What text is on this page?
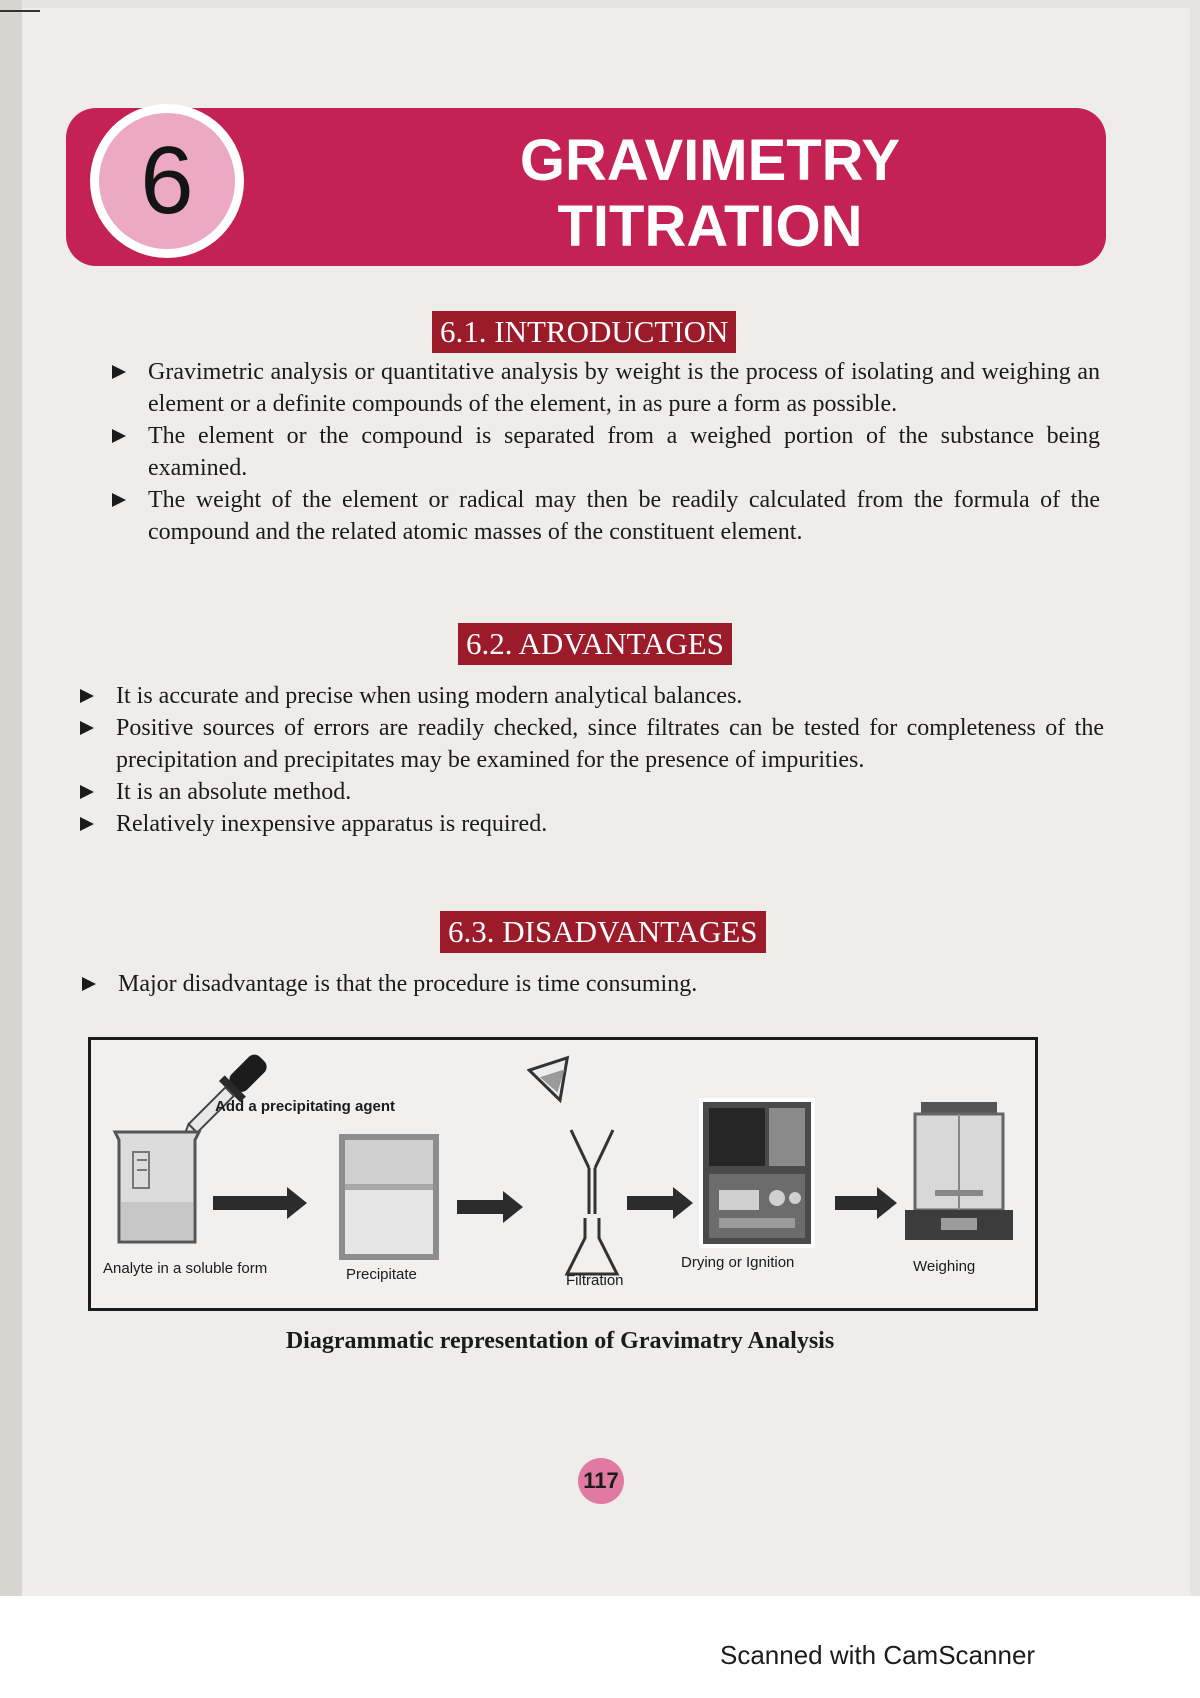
6	GRAVIMETRY
TITRATION
6.1. INTRODUCTION
Gravimetric analysis or quantitative analysis by weight is the process of isolating and weighing an element or a definite compounds of the element, in as pure a form as possible.
The element or the compound is separated from a weighed portion of the substance being examined.
The weight of the element or radical may then be readily calculated from the formula of the compound and the related atomic masses of the constituent element.
6.2. ADVANTAGES
It is accurate and precise when using modern analytical balances.
Positive sources of errors are readily checked, since filtrates can be tested for completeness of the precipitation and precipitates may be examined for the presence of impurities.
It is an absolute method.
Relatively inexpensive apparatus is required.
6.3. DISADVANTAGES
Major disadvantage is that the procedure is time consuming.
Add a precipitating agent
Analyte in a soluble form	Precipitate	Filtration
Drying or Ignition	Weighing
Diagrammatic representation of Gravimatry Analysis
117
Scanned with CamScanner
